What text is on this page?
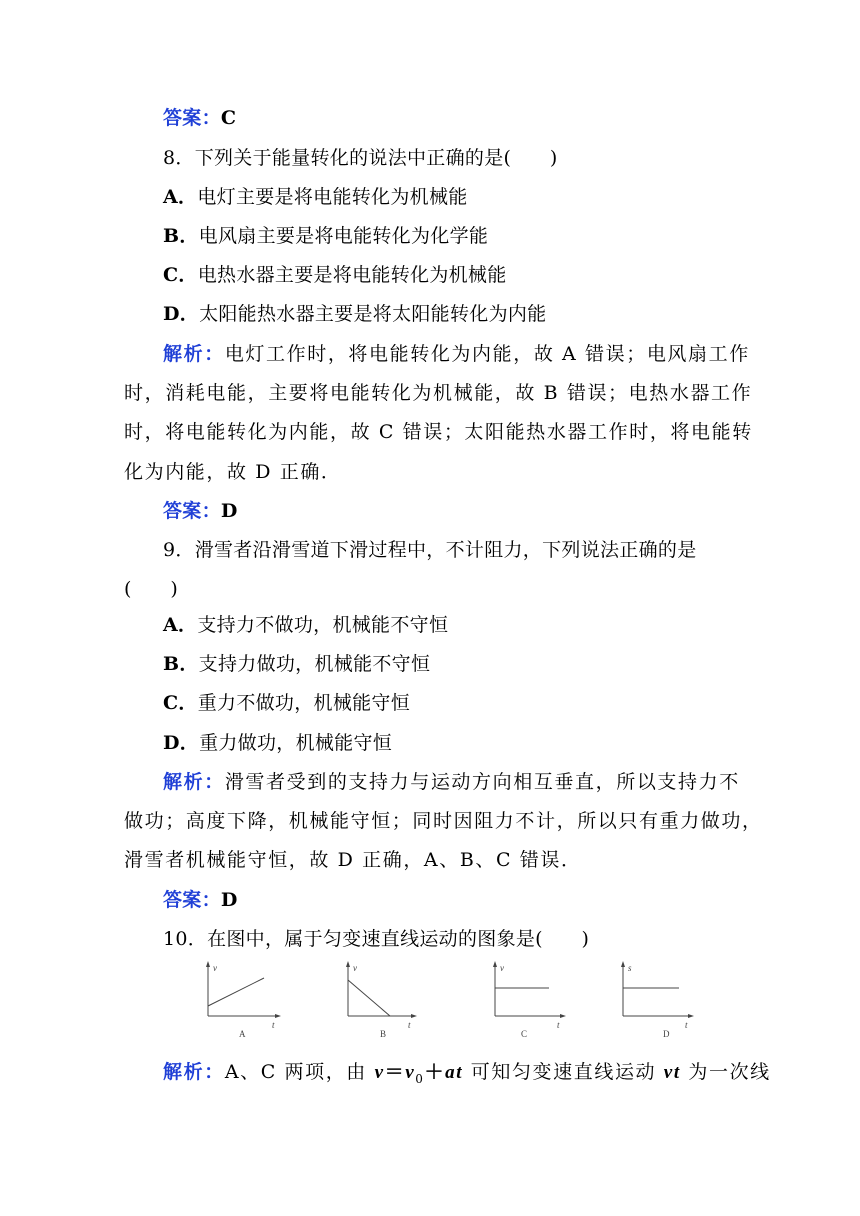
答案：C
8．下列关于能量转化的说法中正确的是(　　)
A．电灯主要是将电能转化为机械能
B．电风扇主要是将电能转化为化学能
C．电热水器主要是将电能转化为机械能
D．太阳能热水器主要是将太阳能转化为内能
解析：电灯工作时，将电能转化为内能，故 A 错误；电风扇工作
时，消耗电能，主要将电能转化为机械能，故 B 错误；电热水器工作
时，将电能转化为内能，故 C 错误；太阳能热水器工作时，将电能转
化为内能，故 D 正确．
答案：D
9．滑雪者沿滑雪道下滑过程中，不计阻力，下列说法正确的是
(　　)
A．支持力不做功，机械能不守恒
B．支持力做功，机械能不守恒
C．重力不做功，机械能守恒
D．重力做功，机械能守恒
解析：滑雪者受到的支持力与运动方向相互垂直，所以支持力不
做功；高度下降，机械能守恒；同时因阻力不计，所以只有重力做功，
滑雪者机械能守恒，故 D 正确，A、B、C 错误．
答案：D
10．在图中，属于匀变速直线运动的图象是(　　)
v
t
A
v
t
B
v
t
C
s
t
D
解析：A、C 两项，由 $v=v_0+at$ 可知匀变速直线运动 vt 为一次线
